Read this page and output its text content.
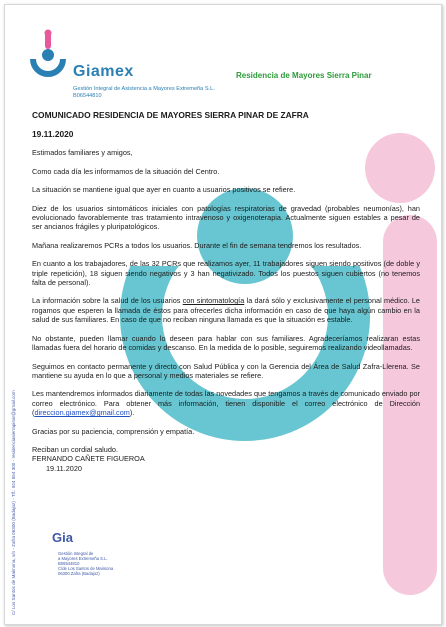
Giamex
Gestión Integral de Asistencia a Mayores Extremeña S.L.
B06544810
Residencia de Mayores Sierra Pinar
C/ Los Santos de Maimona, s/n - Zafra 06300 (Badajoz) - Tlf.: 924 554 300 - residenciasierrapinar@gmail.com

COMUNICADO RESIDENCIA DE MAYORES SIERRA PINAR DE ZAFRA

19.11.2020

Estimados familiares y amigos,

Como cada día les informamos de la situación del Centro.

La situación se mantiene igual que ayer en cuanto a usuarios positivos se refiere.

Diez de los usuarios sintomáticos iniciales con patologías respiratorias de gravedad (probables neumonías), han evolucionado favorablemente tras tratamiento intravenoso y oxigenoterapia. Actualmente siguen estables a pesar de ser ancianos frágiles y pluripatológicos.

Mañana realizaremos PCRs a todos los usuarios. Durante el fin de semana tendremos los resultados.

En cuanto a los trabajadores, de las 32 PCRs que realizamos ayer, 11 trabajadores siguen siendo positivos (de doble y triple repetición), 18 siguen siendo negativos y 3 han negativizado. Todos los puestos siguen cubiertos (no tenemos falta de personal).

La información sobre la salud de los usuarios con sintomatología la dará sólo y exclusivamente el personal médico. Le rogamos que esperen la llamada de éstos para ofrecerles dicha información en caso de que haya algún cambio en la salud de sus familiares. En caso de que no reciban ninguna llamada es que la situación es estable.

No obstante, pueden llamar cuando lo deseen para hablar con sus familiares. Agradeceríamos realizaran estas llamadas fuera del horario de comidas y descanso. En la medida de lo posible, seguiremos realizando videollamadas.

Seguimos en contacto permanente y directo con Salud Pública y con la Gerencia del Área de Salud Zafra-Llerena. Se mantiene su ayuda en lo que a personal y medios materiales se refiere.

Les mantendremos informados diariamente de todas las novedades que tengamos a través de comunicado enviado por correo electrónico. Para obtener más información, tienen disponible el correo electrónico de Dirección (direccion.giamex@gmail.com).

Gracias por su paciencia, comprensión y empatía.

Reciban un cordial saludo.

FERNANDO CAÑETE FIGUEROA

19.11.2020

Gia
Gestión Integral de
a Mayores Extremeña S.L.
B06544810
C/de Los Santos de Maimona
06300 Zafra (Badajoz)
